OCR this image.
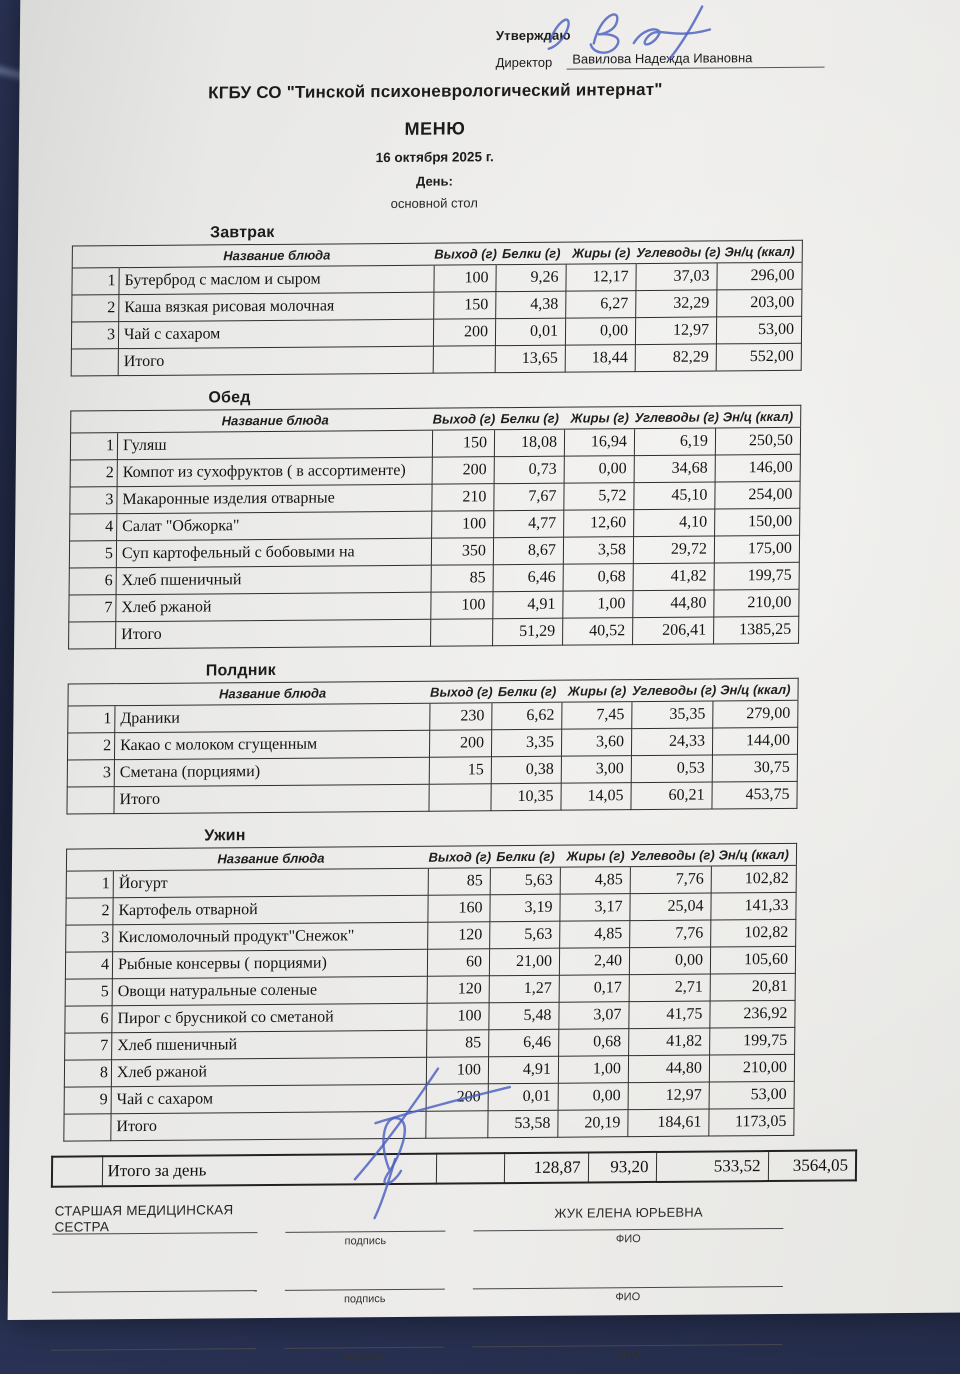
Утверждаю
Директор	Вавилова Надежда Ивановна
КГБУ СО "Тинской психоневрологический интернат"
МЕНЮ
16 октября 2025 г.
День:
основной стол
Завтрак
	Название блюда	Выход (г)	Белки (г)	Жиры (г)	Углеводы (г)	Эн/ц (ккал)
1	Бутерброд с маслом и сыром	100	9,26	12,17	37,03	296,00
2	Каша вязкая рисовая молочная	150	4,38	6,27	32,29	203,00
3	Чай с сахаром	200	0,01	0,00	12,97	53,00
	Итого		13,65	18,44	82,29	552,00
Обед
	Название блюда	Выход (г)	Белки (г)	Жиры (г)	Углеводы (г)	Эн/ц (ккал)
1	Гуляш	150	18,08	16,94	6,19	250,50
2	Компот из сухофруктов ( в ассортименте)	200	0,73	0,00	34,68	146,00
3	Макаронные изделия отварные	210	7,67	5,72	45,10	254,00
4	Салат "Обжорка"	100	4,77	12,60	4,10	150,00
5	Суп картофельный с бобовыми на	350	8,67	3,58	29,72	175,00
6	Хлеб пшеничный	85	6,46	0,68	41,82	199,75
7	Хлеб ржаной	100	4,91	1,00	44,80	210,00
	Итого		51,29	40,52	206,41	1385,25
Полдник
	Название блюда	Выход (г)	Белки (г)	Жиры (г)	Углеводы (г)	Эн/ц (ккал)
1	Драники	230	6,62	7,45	35,35	279,00
2	Какао с молоком сгущенным	200	3,35	3,60	24,33	144,00
3	Сметана (порциями)	15	0,38	3,00	0,53	30,75
	Итого		10,35	14,05	60,21	453,75
Ужин
	Название блюда	Выход (г)	Белки (г)	Жиры (г)	Углеводы (г)	Эн/ц (ккал)
1	Йогурт	85	5,63	4,85	7,76	102,82
2	Картофель отварной	160	3,19	3,17	25,04	141,33
3	Кисломолочный продукт"Снежок"	120	5,63	4,85	7,76	102,82
4	Рыбные консервы ( порциями)	60	21,00	2,40	0,00	105,60
5	Овощи натуральные соленые	120	1,27	0,17	2,71	20,81
6	Пирог с брусникой со сметаной	100	5,48	3,07	41,75	236,92
7	Хлеб пшеничный	85	6,46	0,68	41,82	199,75
8	Хлеб ржаной	100	4,91	1,00	44,80	210,00
9	Чай с сахаром	200	0,01	0,00	12,97	53,00
	Итого		53,58	20,19	184,61	1173,05
	Итого за день		128,87	93,20	533,52	3564,05
СТАРШАЯ МЕДИЦИНСКАЯ СЕСТРА
подпись
ЖУК ЕЛЕНА ЮРЬЕВНА
ФИО
подпись	ФИО
подпись	ФИО
